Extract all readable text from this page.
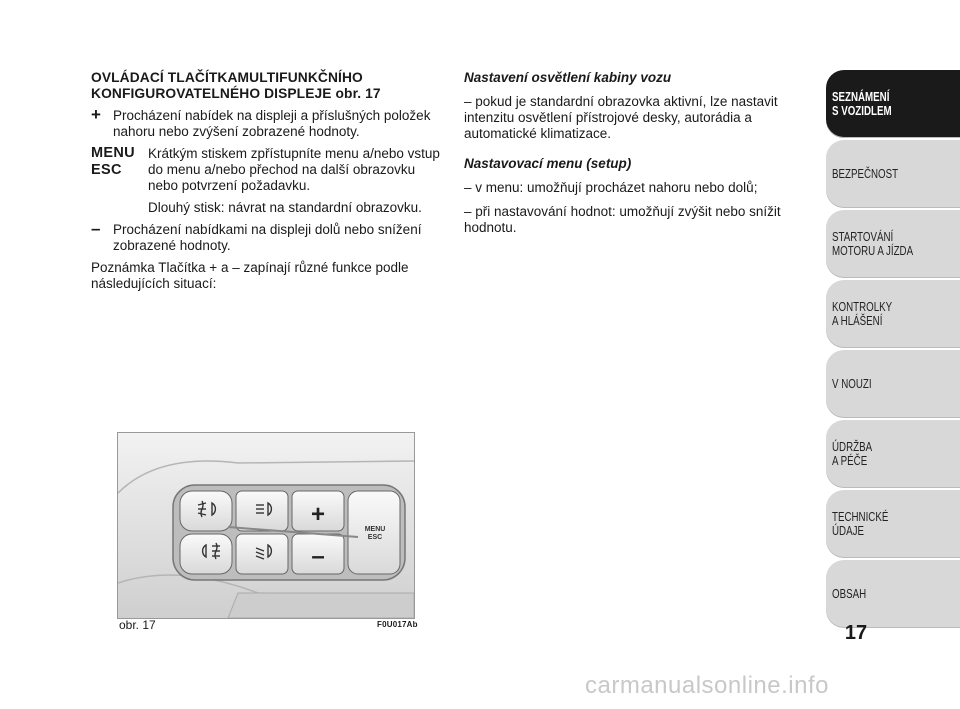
OVLÁDACÍ TLAČÍTKAMULTIFUNKČNÍHO KONFIGUROVATELNÉHO DISPLEJE obr. 17

+ Procházení nabídek na displeji a příslušných položek nahoru nebo zvýšení zobrazené hodnoty.
MENU
ESC
Krátkým stiskem zpřístupníte menu a/nebo vstup do menu a/nebo přechod na další obrazovku nebo potvrzení požadavku.
Dlouhý stisk: návrat na standardní obrazovku.
– Procházení nabídkami na displeji dolů nebo snížení zobrazené hodnoty.

Poznámka Tlačítka + a – zapínají různé funkce podle následujících situací:

Nastavení osvětlení kabiny vozu

– pokud je standardní obrazovka aktivní, lze nastavit intenzitu osvětlení přístrojové desky, autorádia a automatické klimatizace.

Nastavovací menu (setup)

– v menu: umožňují procházet nahoru nebo dolů;

– při nastavování hodnot: umožňují zvýšit nebo snížit hodnotu.

+
–
MENU
ESC
obr. 17	F0U017Ab
SEZNÁMENÍ
S VOZIDLEM
BEZPEČNOST
STARTOVÁNÍ
MOTORU A JÍZDA
KONTROLKY
A HLÁŠENÍ
V NOUZI
ÚDRŽBA
A PÉČE
TECHNICKÉ
ÚDAJE
OBSAH
17
carmanualsonline.info
